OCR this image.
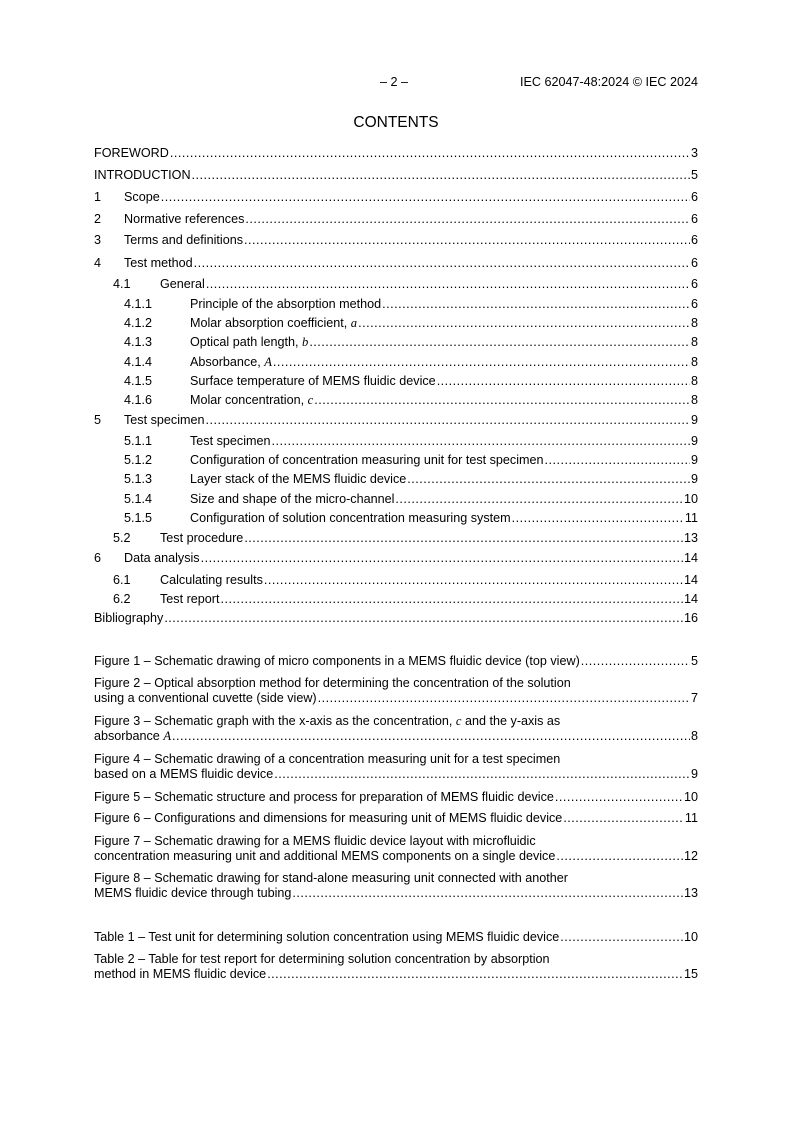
– 2 –	IEC 62047-48:2024 © IEC 2024
CONTENTS
FOREWORD .....	3
INTRODUCTION .....	5
1 Scope .....	6
2 Normative references .....	6
3 Terms and definitions .....	6
4 Test method .....	6
4.1 General .....	6
4.1.1	Principle of the absorption method .....	6
4.1.2	Molar absorption coefficient, a .....	8
4.1.3	Optical path length, b .....	8
4.1.4	Absorbance, A .....	8
4.1.5	Surface temperature of MEMS fluidic device .....	8
4.1.6	Molar concentration, c .....	8
5 Test specimen .....	9
5.1.1	Test specimen .....	9
5.1.2	Configuration of concentration measuring unit for test specimen .....	9
5.1.3	Layer stack of the MEMS fluidic device .....	9
5.1.4	Size and shape of the micro-channel .....	10
5.1.5	Configuration of solution concentration measuring system .....	11
5.2 Test procedure .....	13
6 Data analysis .....	14
6.1 Calculating results .....	14
6.2 Test report .....	14
Bibliography .....	16
Figure 1 – Schematic drawing of micro components in a MEMS fluidic device (top view) .....	5
Figure 2 – Optical absorption method for determining the concentration of the solution
using a conventional cuvette (side view) .....	7
Figure 3 – Schematic graph with the x-axis as the concentration, c and the y-axis as
absorbance A .....	8
Figure 4 – Schematic drawing of a concentration measuring unit for a test specimen
based on a MEMS fluidic device .....	9
Figure 5 – Schematic structure and process for preparation of MEMS fluidic device .....	10
Figure 6 – Configurations and dimensions for measuring unit of MEMS fluidic device .....	11
Figure 7 – Schematic drawing for a MEMS fluidic device layout with microfluidic
concentration measuring unit and additional MEMS components on a single device .....	12
Figure 8 – Schematic drawing for stand-alone measuring unit connected with another
MEMS fluidic device through tubing .....	13
Table 1 – Test unit for determining solution concentration using MEMS fluidic device .....	10
Table 2 – Table for test report for determining solution concentration by absorption
method in MEMS fluidic device .....	15
